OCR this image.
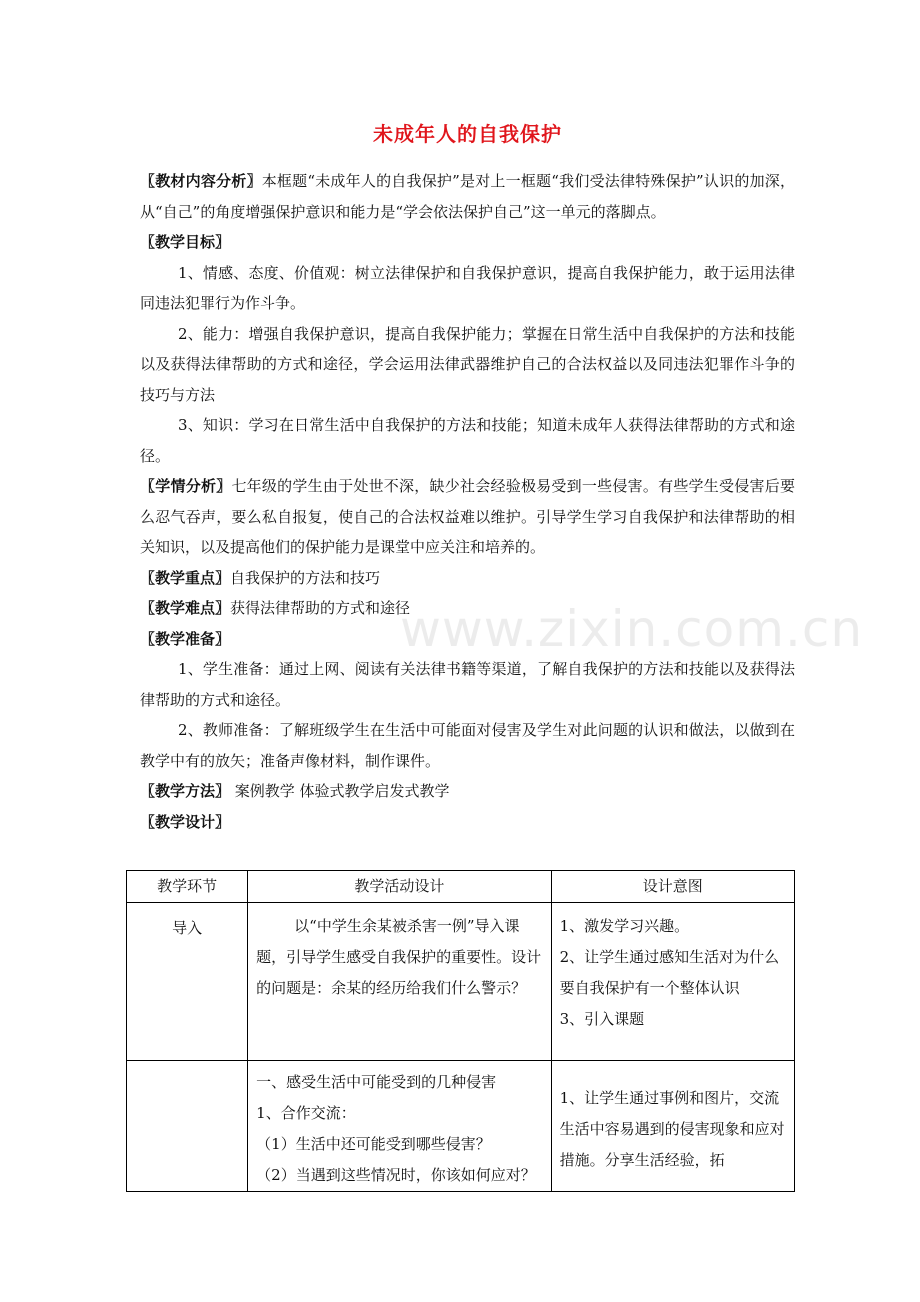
未成年人的自我保护

〖教材内容分析〗本框题“未成年人的自我保护”是对上一框题“我们受法律特殊保护”认识的加深，从“自己”的角度增强保护意识和能力是“学会依法保护自己”这一单元的落脚点。

〖教学目标〗

1、情感、态度、价值观：树立法律保护和自我保护意识，提高自我保护能力，敢于运用法律同违法犯罪行为作斗争。

2、能力：增强自我保护意识，提高自我保护能力；掌握在日常生活中自我保护的方法和技能以及获得法律帮助的方式和途径，学会运用法律武器维护自己的合法权益以及同违法犯罪作斗争的技巧与方法

3、知识：学习在日常生活中自我保护的方法和技能；知道未成年人获得法律帮助的方式和途径。

〖学情分析〗七年级的学生由于处世不深，缺少社会经验极易受到一些侵害。有些学生受侵害后要么忍气吞声，要么私自报复，使自己的合法权益难以维护。引导学生学习自我保护和法律帮助的相关知识，以及提高他们的保护能力是课堂中应关注和培养的。

〖教学重点〗自我保护的方法和技巧

〖教学难点〗获得法律帮助的方式和途径

〖教学准备〗

1、学生准备：通过上网、阅读有关法律书籍等渠道，了解自我保护的方法和技能以及获得法律帮助的方式和途径。

2、教师准备：了解班级学生在生活中可能面对侵害及学生对此问题的认识和做法，以做到在教学中有的放矢；准备声像材料，制作课件。

〖教学方法〗 案例教学 体验式教学启发式教学

〖教学设计〗

www.zixin.com.cn
教学环节	教学活动设计	设计意图
导入	以“中学生余某被杀害一例”导入课题，引导学生感受自我保护的重要性。设计的问题是：余某的经历给我们什么警示？	1、激发学习兴趣。

2、让学生通过感知生活对为什么要自我保护有一个整体认识

3、引入课题

	一、感受生活中可能受到的几种侵害

1、合作交流：

（1）生活中还可能受到哪些侵害？

（2）当遇到这些情况时，你该如何应对？	1、让学生通过事例和图片，交流生活中容易遇到的侵害现象和应对措施。分享生活经验，拓
